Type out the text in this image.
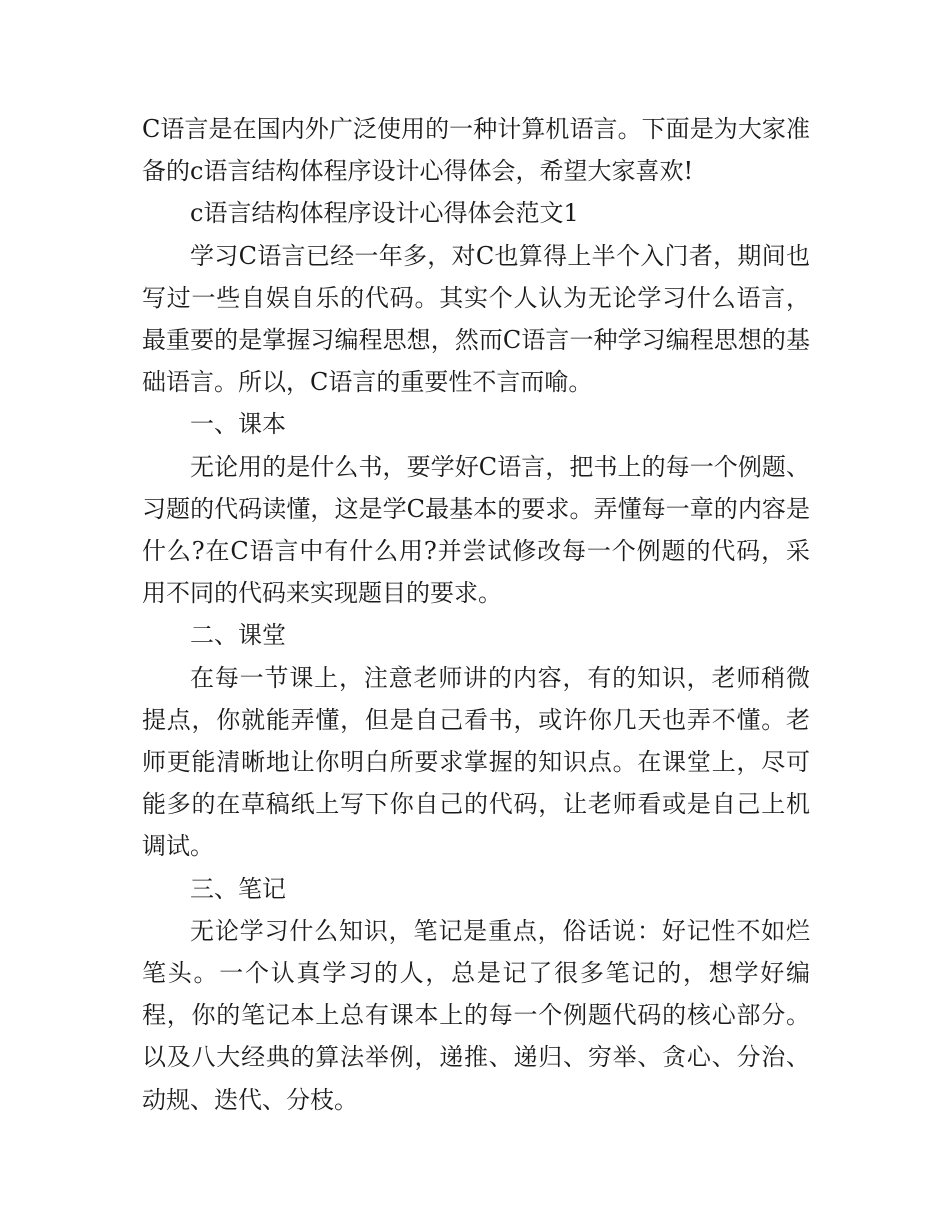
C语言是在国内外广泛使用的一种计算机语言。下面是为大家准备的c语言结构体程序设计心得体会，希望大家喜欢!

c语言结构体程序设计心得体会范文1

学习C语言已经一年多，对C也算得上半个入门者，期间也写过一些自娱自乐的代码。其实个人认为无论学习什么语言，最重要的是掌握习编程思想，然而C语言一种学习编程思想的基础语言。所以，C语言的重要性不言而喻。

一、课本

无论用的是什么书，要学好C语言，把书上的每一个例题、习题的代码读懂，这是学C最基本的要求。弄懂每一章的内容是什么?在C语言中有什么用?并尝试修改每一个例题的代码，采用不同的代码来实现题目的要求。

二、课堂

在每一节课上，注意老师讲的内容，有的知识，老师稍微提点，你就能弄懂，但是自己看书，或许你几天也弄不懂。老师更能清晰地让你明白所要求掌握的知识点。在课堂上，尽可能多的在草稿纸上写下你自己的代码，让老师看或是自己上机调试。

三、笔记

无论学习什么知识，笔记是重点，俗话说：好记性不如烂笔头。一个认真学习的人，总是记了很多笔记的，想学好编程，你的笔记本上总有课本上的每一个例题代码的核心部分。以及八大经典的算法举例，递推、递归、穷举、贪心、分治、动规、迭代、分枝。
